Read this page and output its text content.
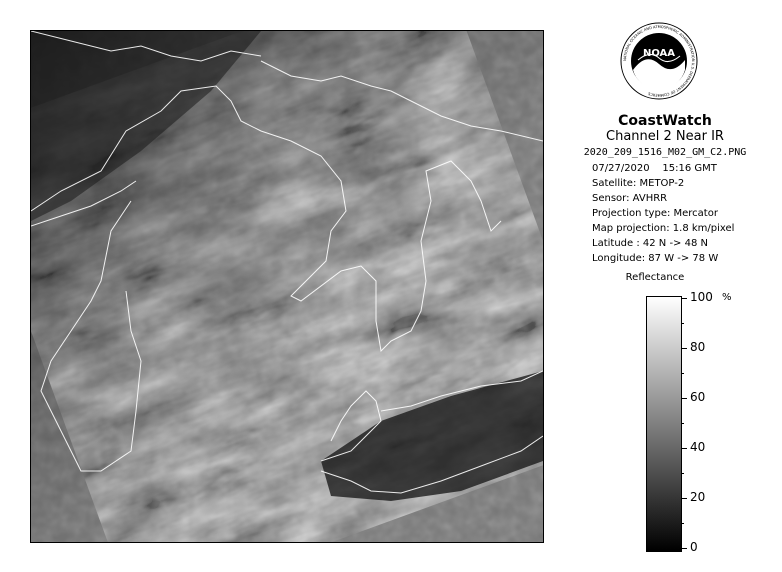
NOAA
NATIONAL OCEANIC AND ATMOSPHERIC ADMINISTRATION U.S. DEPARTMENT OF COMMERCE
CoastWatch
Channel 2 Near IR
2020_209_1516_M02_GM_C2.PNG
07/27/2020 15:16 GMT
Satellite: METOP-2
Sensor: AVHRR
Projection type: Mercator
Map projection: 1.8 km/pixel
Latitude : 42 N -> 48 N
Longitude: 87 W -> 78 W
Reflectance
%
100
80
60
40
20
0
